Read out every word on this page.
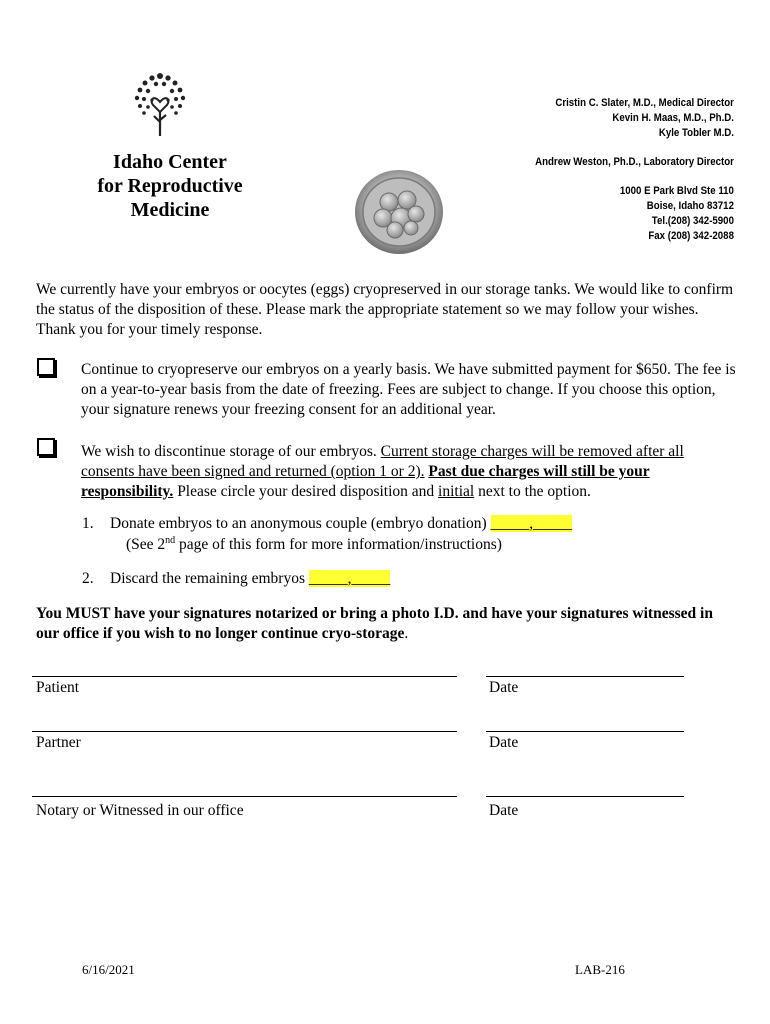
Idaho Center
for Reproductive
Medicine
Cristin C. Slater, M.D., Medical Director
Kevin H. Maas, M.D., Ph.D.
Kyle Tobler M.D.
Andrew Weston, Ph.D., Laboratory Director
1000 E Park Blvd Ste 110
Boise, Idaho 83712
Tel.(208) 342-5900
Fax (208) 342-2088
We currently have your embryos or oocytes (eggs) cryopreserved in our storage tanks. We would like to confirm the status of the disposition of these. Please mark the appropriate statement so we may follow your wishes. Thank you for your timely response.
Continue to cryopreserve our embryos on a yearly basis. We have submitted payment for $650. The fee is on a year-to-year basis from the date of freezing. Fees are subject to change. If you choose this option, your signature renews your freezing consent for an additional year.
We wish to discontinue storage of our embryos. Current storage charges will be removed after all consents have been signed and returned (option 1 or 2). Past due charges will still be your responsibility. Please circle your desired disposition and initial next to the option.
1. Donate embryos to an anonymous couple (embryo donation) _____,_____
(See 2nd page of this form for more information/instructions)
2. Discard the remaining embryos _____,_____
You MUST have your signatures notarized or bring a photo I.D. and have your signatures witnessed in our office if you wish to no longer continue cryo-storage.
Patient	Date
Partner	Date
Notary or Witnessed in our office	Date
6/16/2021	LAB-216
